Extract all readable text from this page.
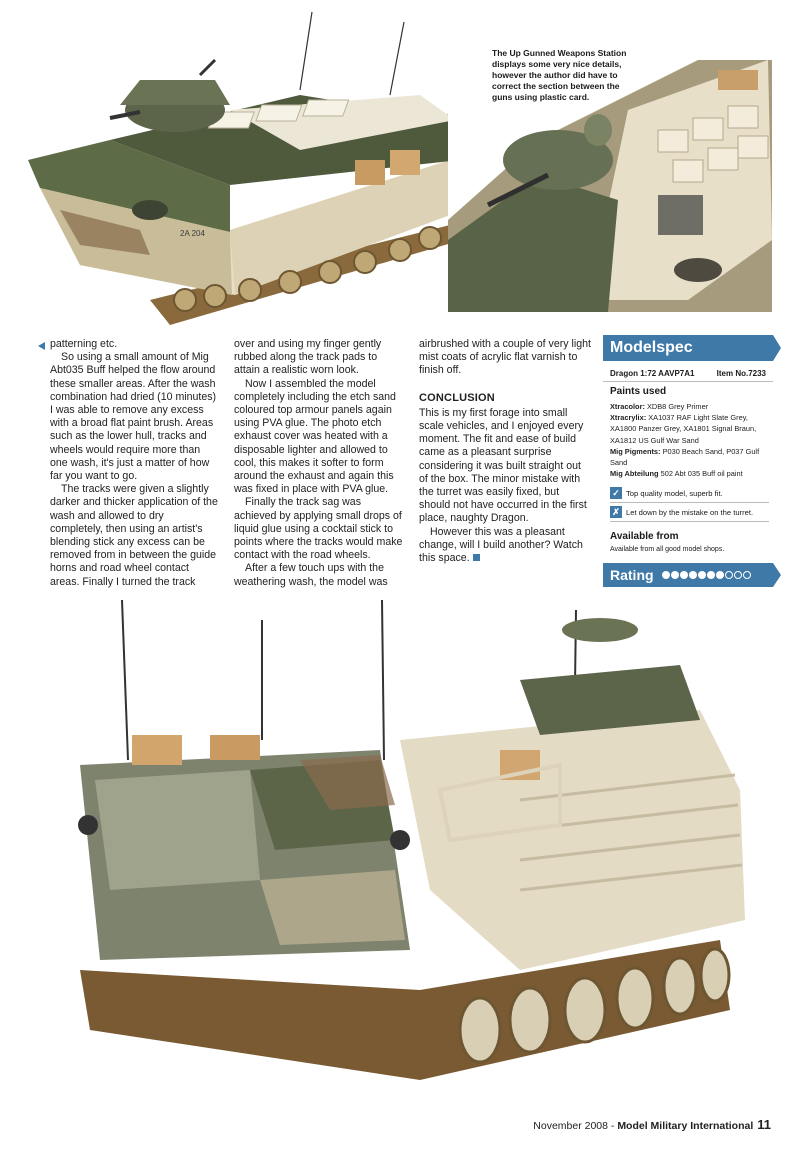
2A 204
The Up Gunned Weapons Station displays some very nice details, however the author did have to correct the section between the guns using plastic card.

patterning etc.

So using a small amount of Mig Abt035 Buff helped the flow around these smaller areas. After the wash combination had dried (10 minutes) I was able to remove any excess with a broad flat paint brush. Areas such as the lower hull, tracks and wheels would require more than one wash, it's just a matter of how far you want to go.

The tracks were given a slightly darker and thicker application of the wash and allowed to dry completely, then using an artist's blending stick any excess can be removed from in between the guide horns and road wheel contact areas. Finally I turned the track

over and using my finger gently rubbed along the track pads to attain a realistic worn look.

Now I assembled the model completely including the etch sand coloured top armour panels again using PVA glue. The photo etch exhaust cover was heated with a disposable lighter and allowed to cool, this makes it softer to form around the exhaust and again this was fixed in place with PVA glue.

Finally the track sag was achieved by applying small drops of liquid glue using a cocktail stick to points where the tracks would make contact with the road wheels.

After a few touch ups with the weathering wash, the model was

airbrushed with a couple of very light mist coats of acrylic flat varnish to finish off.

CONCLUSION

This is my first forage into small scale vehicles, and I enjoyed every moment. The fit and ease of build came as a pleasant surprise considering it was built straight out of the box. The minor mistake with the turret was easily fixed, but should not have occurred in the first place, naughty Dragon.

However this was a pleasant change, will I build another? Watch this space.

Modelspec
Dragon 1:72 AAVP7A1	Item No.7233
Paints used
Xtracolor: XDB8 Grey Primer
Xtracrylix: XA1037 RAF Light Slate Grey, XA1800 Panzer Grey, XA1801 Signal Braun, XA1812 US Gulf War Sand
Mig Pigments: P030 Beach Sand, P037 Gulf Sand
Mig Abteilung 502 Abt 035 Buff oil paint
✓ Top quality model, superb fit.
✗ Let down by the mistake on the turret.
Available from
Available from all good model shops.
Rating
November 2008 - Model Military International 11
